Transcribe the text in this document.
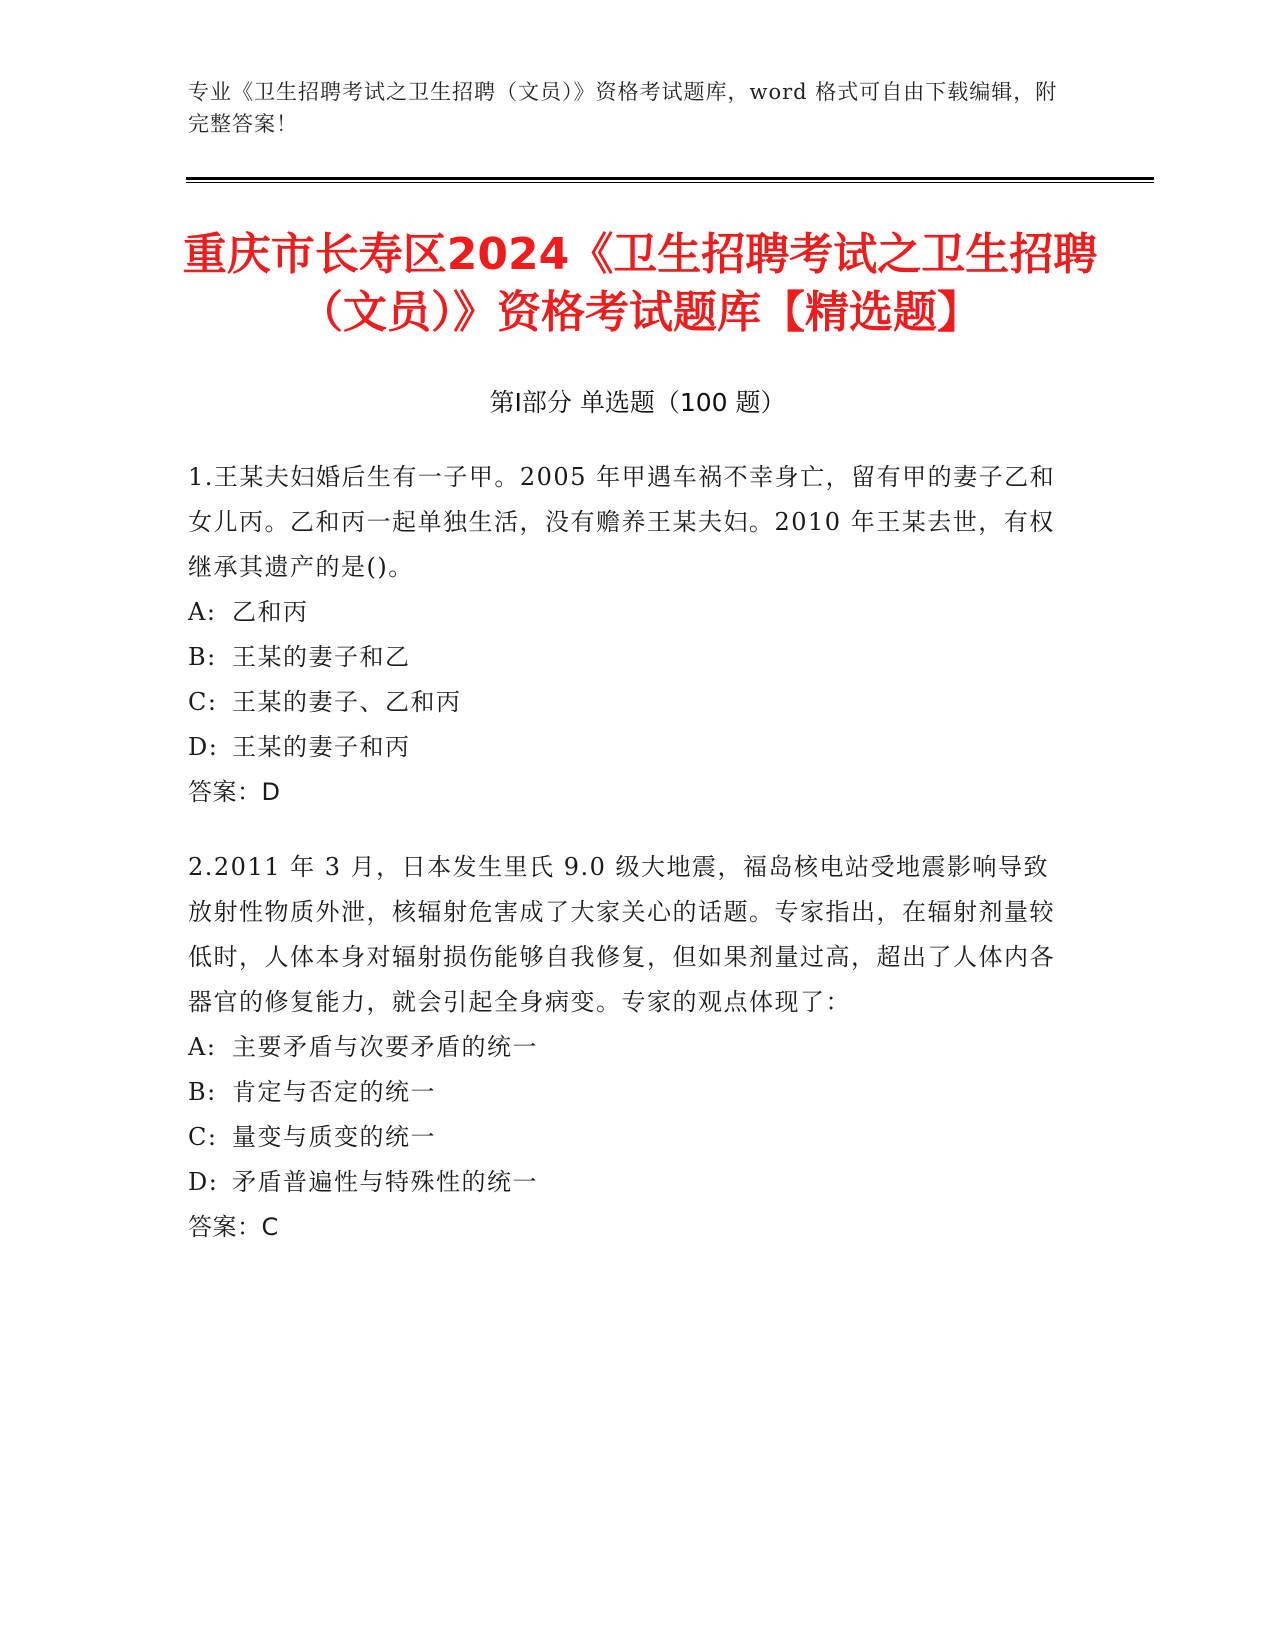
专业《卫生招聘考试之卫生招聘（文员）》资格考试题库，word 格式可自由下载编辑，附完整答案！
重庆市长寿区2024《卫生招聘考试之卫生招聘（文员）》资格考试题库【精选题】
第Ⅰ部分 单选题（100 题）
1.王某夫妇婚后生有一子甲。2005 年甲遇车祸不幸身亡，留有甲的妻子乙和女儿丙。乙和丙一起单独生活，没有赡养王某夫妇。2010 年王某去世，有权继承其遗产的是()。
A: 乙和丙
B: 王某的妻子和乙
C: 王某的妻子、乙和丙
D: 王某的妻子和丙
答案：D
2.2011 年 3 月，日本发生里氏 9.0 级大地震，福岛核电站受地震影响导致放射性物质外泄，核辐射危害成了大家关心的话题。专家指出，在辐射剂量较低时，人体本身对辐射损伤能够自我修复，但如果剂量过高，超出了人体内各器官的修复能力，就会引起全身病变。专家的观点体现了：
A: 主要矛盾与次要矛盾的统一
B: 肯定与否定的统一
C: 量变与质变的统一
D: 矛盾普遍性与特殊性的统一
答案：C
